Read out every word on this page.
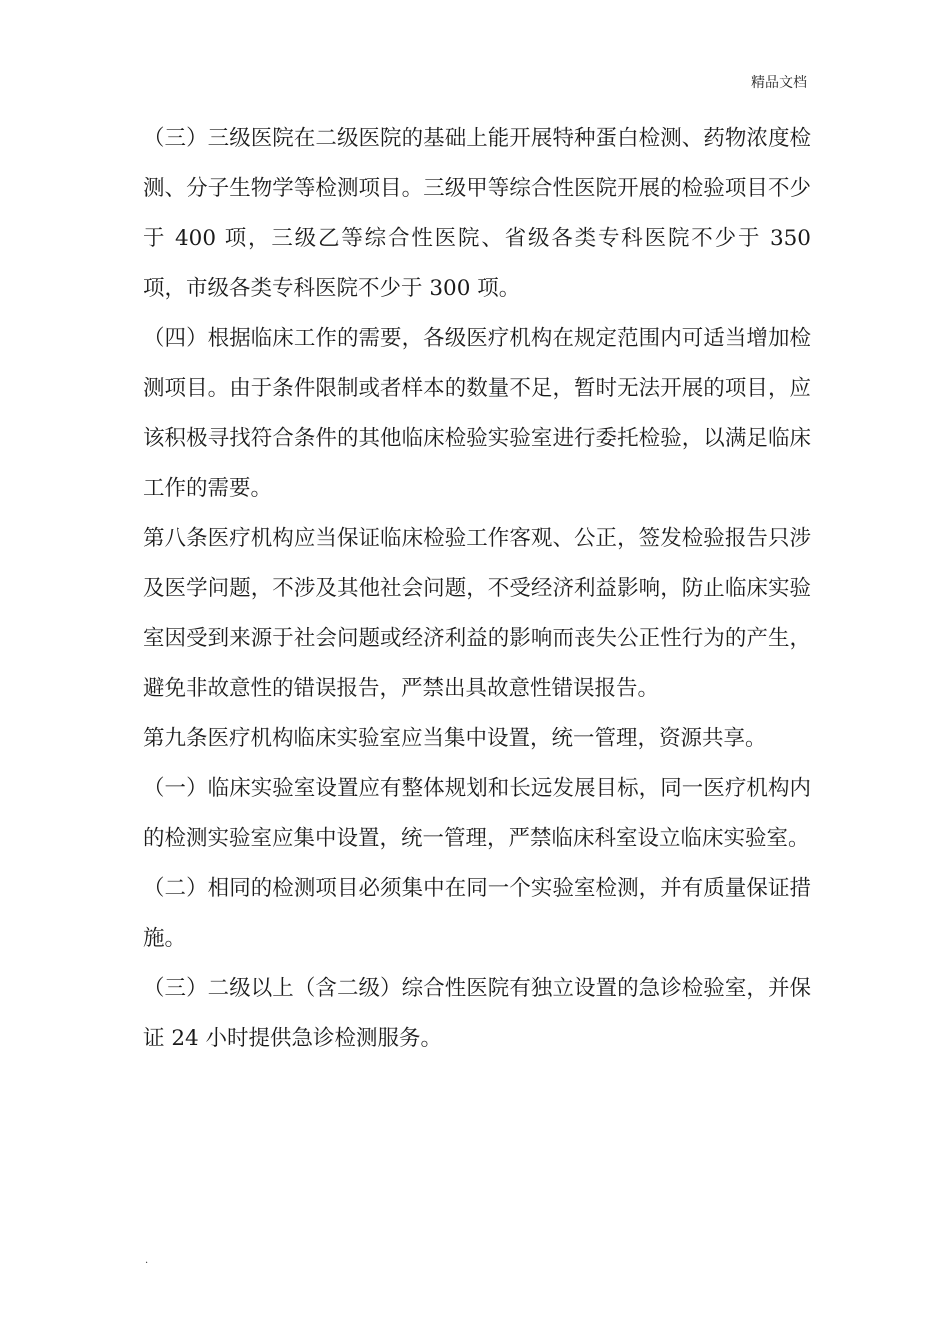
精品文档

（三）三级医院在二级医院的基础上能开展特种蛋白检测、药物浓度检测、分子生物学等检测项目。三级甲等综合性医院开展的检验项目不少于 400 项，三级乙等综合性医院、省级各类专科医院不少于 350 项，市级各类专科医院不少于 300 项。

（四）根据临床工作的需要，各级医疗机构在规定范围内可适当增加检测项目。由于条件限制或者样本的数量不足，暂时无法开展的项目，应该积极寻找符合条件的其他临床检验实验室进行委托检验，以满足临床工作的需要。

第八条医疗机构应当保证临床检验工作客观、公正，签发检验报告只涉及医学问题，不涉及其他社会问题，不受经济利益影响，防止临床实验室因受到来源于社会问题或经济利益的影响而丧失公正性行为的产生，避免非故意性的错误报告，严禁出具故意性错误报告。

第九条医疗机构临床实验室应当集中设置，统一管理，资源共享。

（一）临床实验室设置应有整体规划和长远发展目标，同一医疗机构内的检测实验室应集中设置，统一管理，严禁临床科室设立临床实验室。

（二）相同的检测项目必须集中在同一个实验室检测，并有质量保证措施。

（三）二级以上（含二级）综合性医院有独立设置的急诊检验室，并保证 24 小时提供急诊检测服务。

.
